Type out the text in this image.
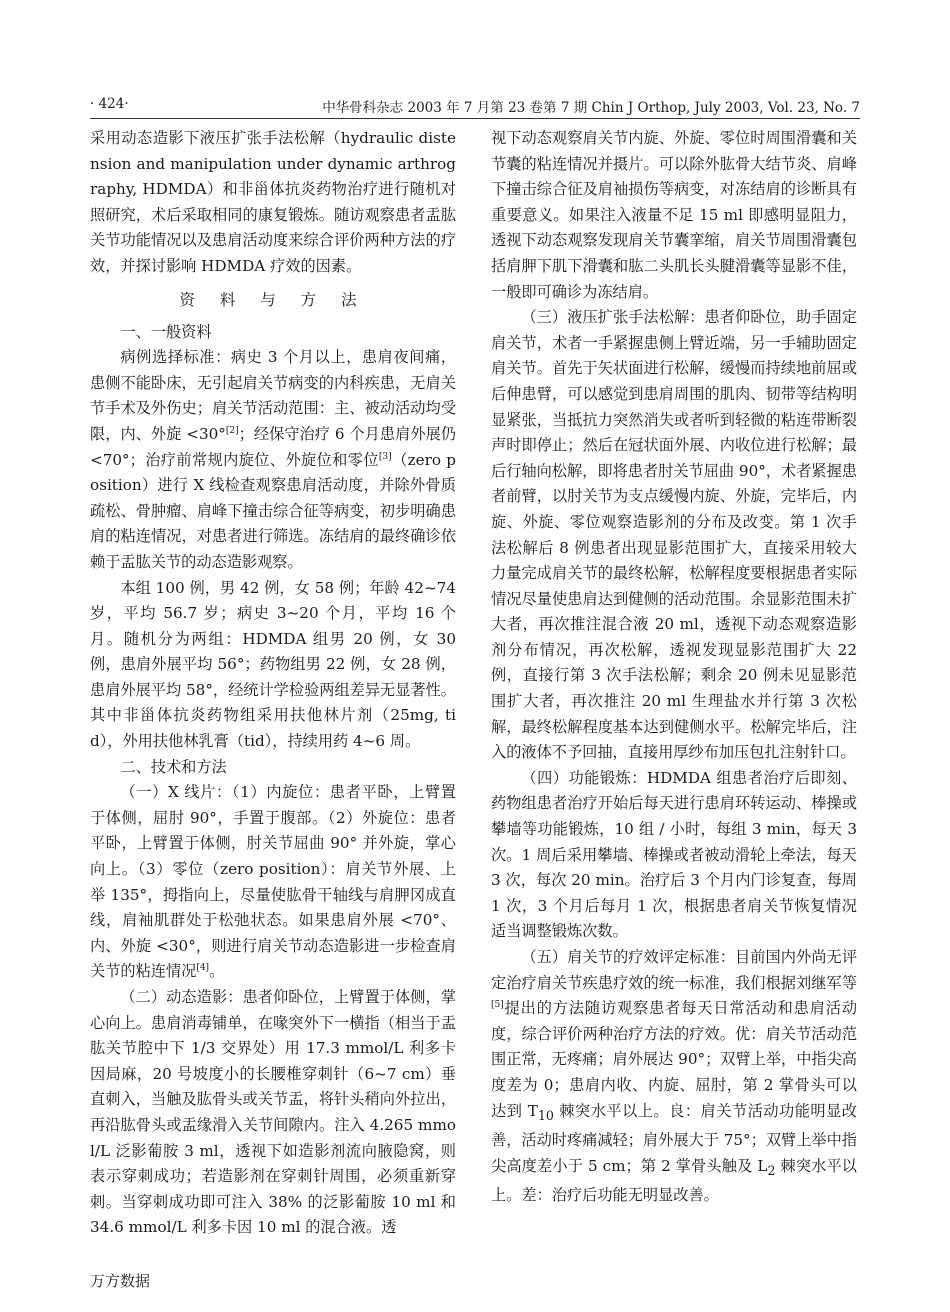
· 424·	中华骨科杂志 2003 年 7 月第 23 卷第 7 期 Chin J Orthop, July 2003, Vol. 23, No. 7

采用动态造影下液压扩张手法松解（hydraulic distension and manipulation under dynamic arthrography, HDMDA）和非甾体抗炎药物治疗进行随机对照研究，术后采取相同的康复锻炼。随访观察患者盂肱关节功能情况以及患肩活动度来综合评价两种方法的疗效，并探讨影响 HDMDA 疗效的因素。

资 料 与 方 法
一、一般资料

病例选择标准：病史 3 个月以上，患肩夜间痛，患侧不能卧床，无引起肩关节病变的内科疾患，无肩关节手术及外伤史；肩关节活动范围：主、被动活动均受限，内、外旋 <30°[2]；经保守治疗 6 个月患肩外展仍 <70°；治疗前常规内旋位、外旋位和零位[3]（zero position）进行 X 线检查观察患肩活动度，并除外骨质疏松、骨肿瘤、肩峰下撞击综合征等病变，初步明确患肩的粘连情况，对患者进行筛选。冻结肩的最终确诊依赖于盂肱关节的动态造影观察。

本组 100 例，男 42 例，女 58 例；年龄 42~74 岁，平均 56.7 岁；病史 3~20 个月，平均 16 个月。随机分为两组：HDMDA 组男 20 例，女 30 例，患肩外展平均 56°；药物组男 22 例，女 28 例，患肩外展平均 58°，经统计学检验两组差异无显著性。其中非甾体抗炎药物组采用扶他林片剂（25mg, tid），外用扶他林乳膏（tid），持续用药 4~6 周。

二、技术和方法

（一）X 线片：（1）内旋位：患者平卧，上臂置于体侧，屈肘 90°，手置于腹部。（2）外旋位：患者平卧，上臂置于体侧，肘关节屈曲 90° 并外旋，掌心向上。（3）零位（zero position）：肩关节外展、上举 135°，拇指向上，尽量使肱骨干轴线与肩胛冈成直线，肩袖肌群处于松弛状态。如果患肩外展 <70°、内、外旋 <30°，则进行肩关节动态造影进一步检查肩关节的粘连情况[4]。

（二）动态造影：患者仰卧位，上臂置于体侧，掌心向上。患肩消毒铺单，在喙突外下一横指（相当于盂肱关节腔中下 1/3 交界处）用 17.3 mmol/L 利多卡因局麻，20 号坡度小的长腰椎穿刺针（6~7 cm）垂直刺入，当触及肱骨头或关节盂，将针头稍向外拉出，再沿肱骨头或盂缘滑入关节间隙内。注入 4.265 mmol/L 泛影葡胺 3 ml，透视下如造影剂流向腋隐窝，则表示穿刺成功；若造影剂在穿刺针周围，必须重新穿刺。当穿刺成功即可注入 38% 的泛影葡胺 10 ml 和 34.6 mmol/L 利多卡因 10 ml 的混合液。透

视下动态观察肩关节内旋、外旋、零位时周围滑囊和关节囊的粘连情况并摄片。可以除外肱骨大结节炎、肩峰下撞击综合征及肩袖损伤等病变，对冻结肩的诊断具有重要意义。如果注入液量不足 15 ml 即感明显阻力，透视下动态观察发现肩关节囊挛缩，肩关节周围滑囊包括肩胛下肌下滑囊和肱二头肌长头腱滑囊等显影不佳，一般即可确诊为冻结肩。

（三）液压扩张手法松解：患者仰卧位，助手固定肩关节，术者一手紧握患侧上臂近端，另一手辅助固定肩关节。首先于矢状面进行松解，缓慢而持续地前屈或后伸患臂，可以感觉到患肩周围的肌肉、韧带等结构明显紧张，当抵抗力突然消失或者听到轻微的粘连带断裂声时即停止；然后在冠状面外展、内收位进行松解；最后行轴向松解，即将患者肘关节屈曲 90°，术者紧握患者前臂，以肘关节为支点缓慢内旋、外旋，完毕后，内旋、外旋、零位观察造影剂的分布及改变。第 1 次手法松解后 8 例患者出现显影范围扩大，直接采用较大力量完成肩关节的最终松解，松解程度要根据患者实际情况尽量使患肩达到健侧的活动范围。余显影范围未扩大者，再次推注混合液 20 ml，透视下动态观察造影剂分布情况，再次松解，透视发现显影范围扩大 22 例，直接行第 3 次手法松解；剩余 20 例未见显影范围扩大者，再次推注 20 ml 生理盐水并行第 3 次松解，最终松解程度基本达到健侧水平。松解完毕后，注入的液体不予回抽，直接用厚纱布加压包扎注射针口。

（四）功能锻炼：HDMDA 组患者治疗后即刻、药物组患者治疗开始后每天进行患肩环转运动、棒操或攀墙等功能锻炼，10 组 / 小时，每组 3 min，每天 3 次。1 周后采用攀墙、棒操或者被动滑轮上牵法，每天 3 次，每次 20 min。治疗后 3 个月内门诊复查，每周 1 次，3 个月后每月 1 次，根据患者肩关节恢复情况适当调整锻炼次数。

（五）肩关节的疗效评定标准：目前国内外尚无评定治疗肩关节疾患疗效的统一标准，我们根据刘继军等[5]提出的方法随访观察患者每天日常活动和患肩活动度，综合评价两种治疗方法的疗效。优：肩关节活动范围正常，无疼痛；肩外展达 90°；双臂上举，中指尖高度差为 0；患肩内收、内旋、屈肘，第 2 掌骨头可以达到 $T_{10}$ 棘突水平以上。良：肩关节活动功能明显改善，活动时疼痛减轻；肩外展大于 75°；双臂上举中指尖高度差小于 5 cm；第 2 掌骨头触及 $L_2$ 棘突水平以上。差：治疗后功能无明显改善。

万方数据
